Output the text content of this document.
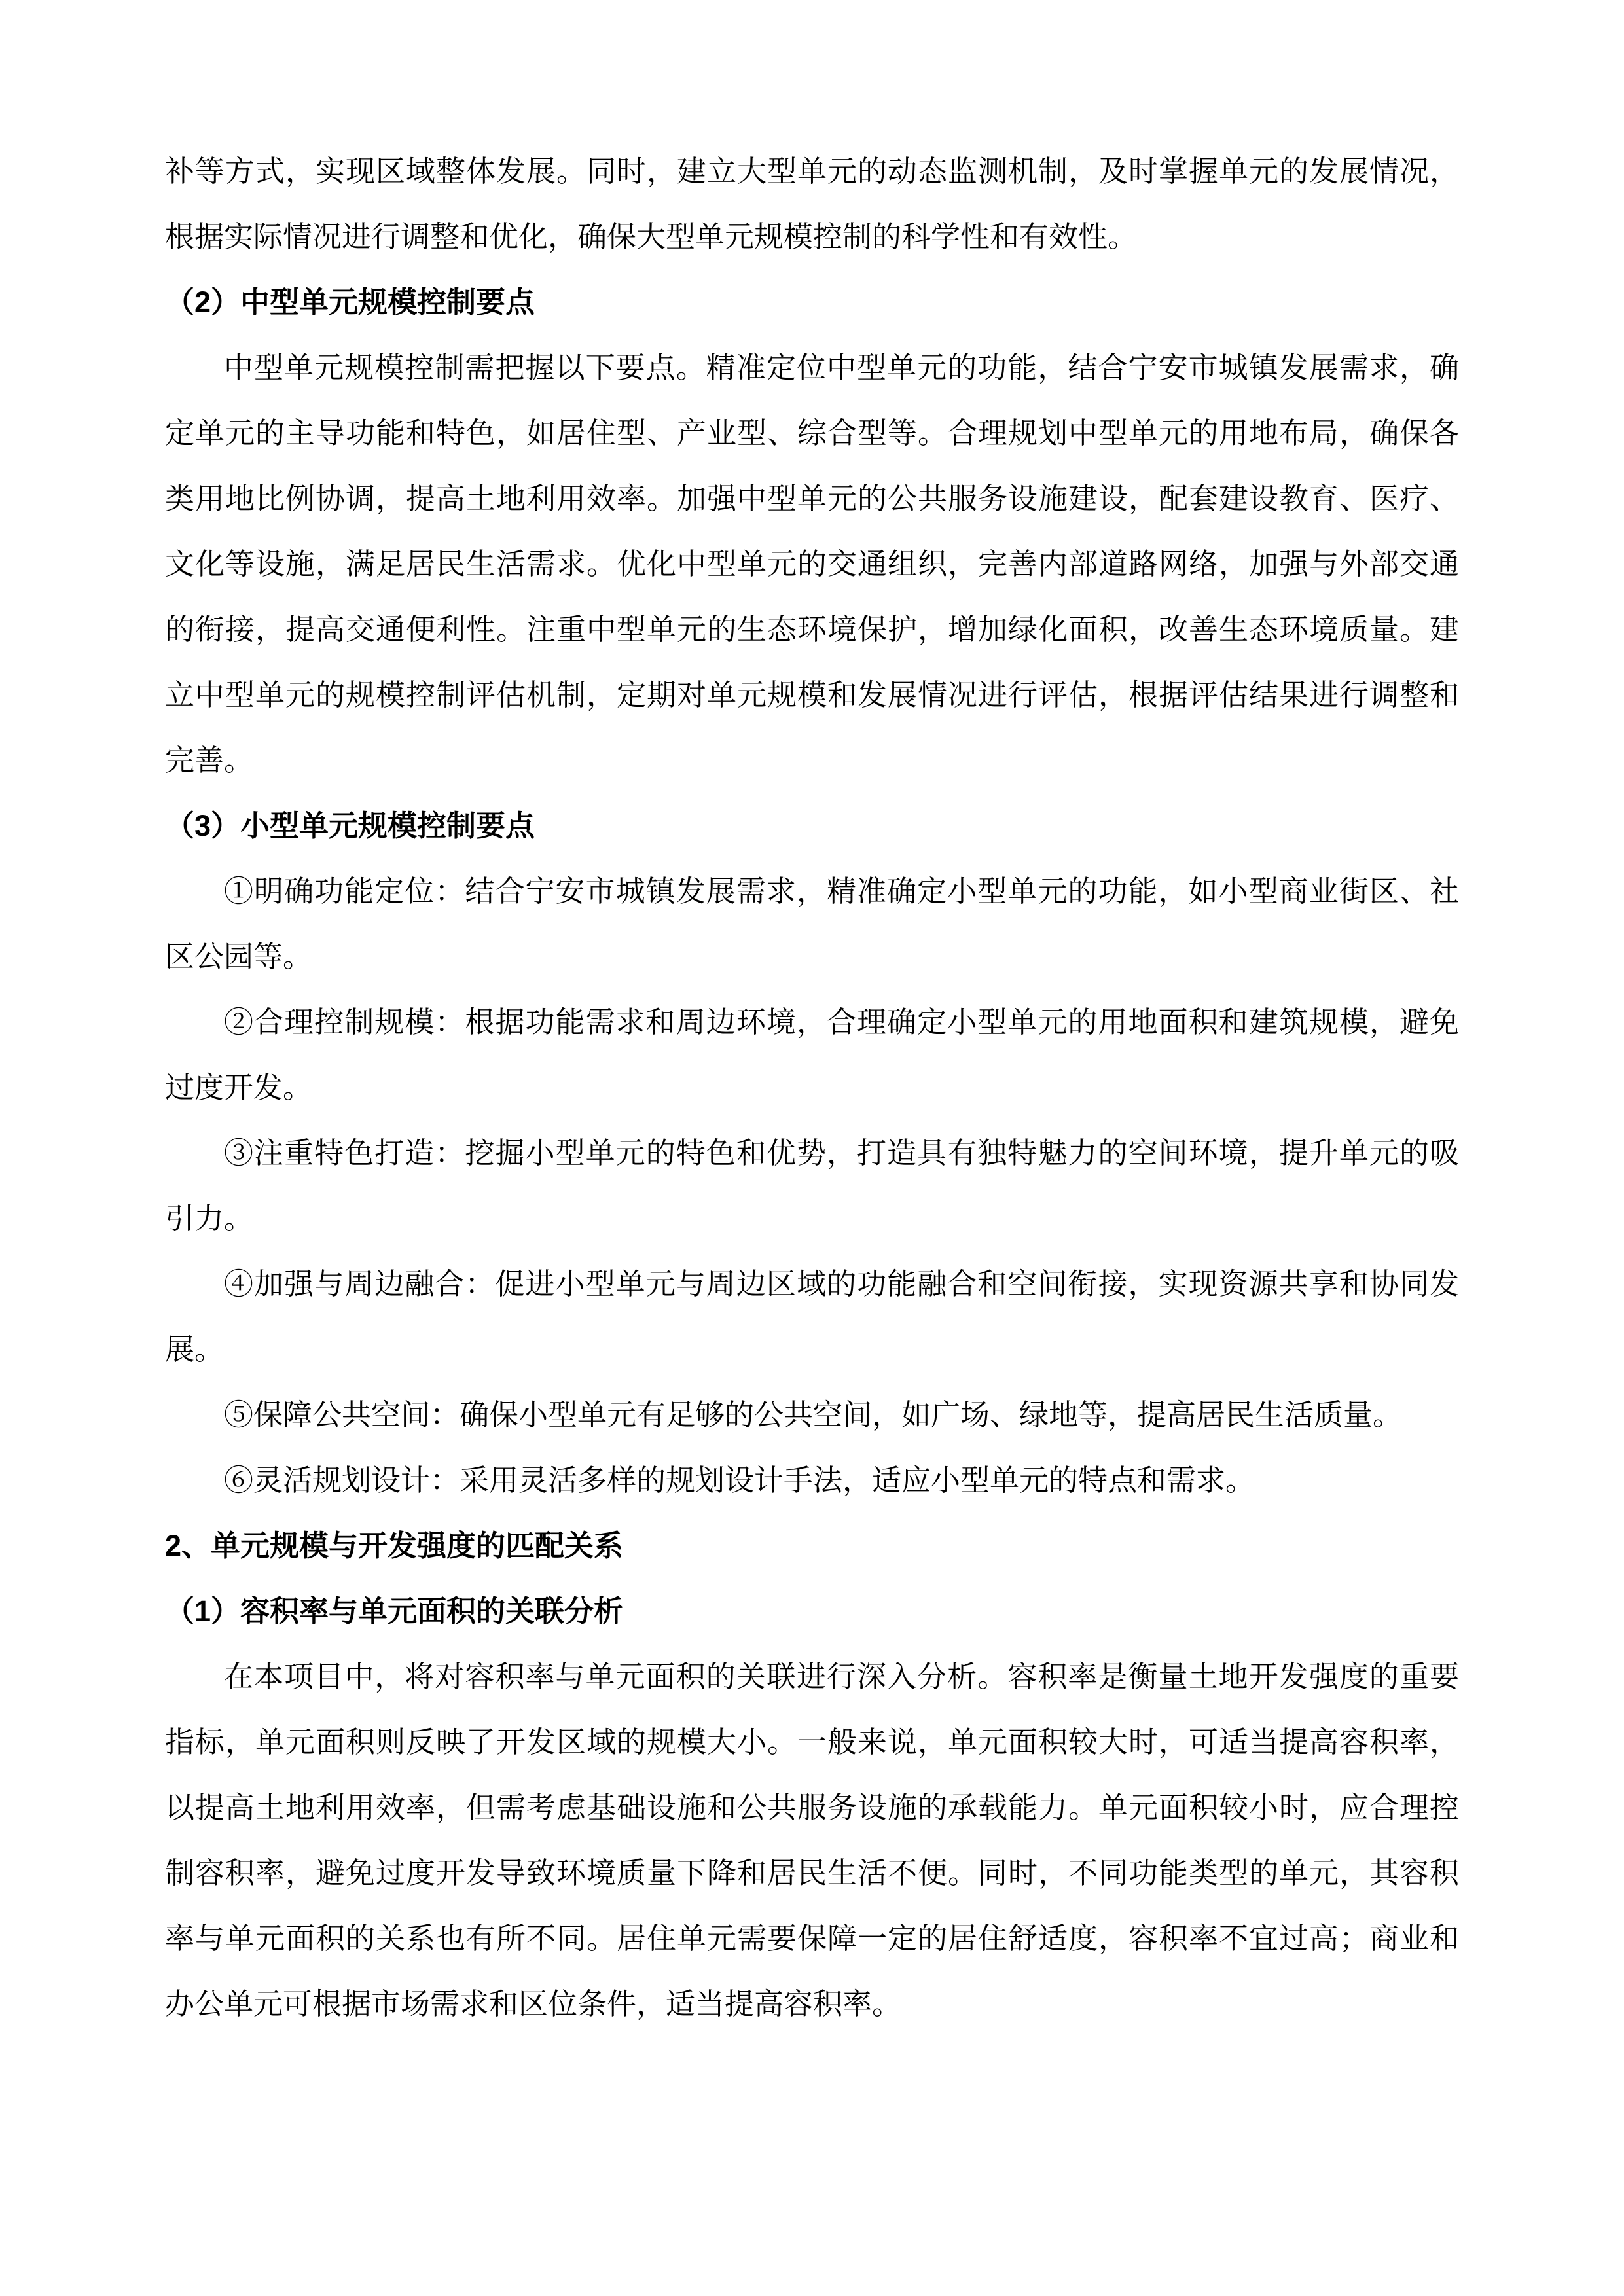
补等方式，实现区域整体发展。同时，建立大型单元的动态监测机制，及时掌握单元的发展情况，根据实际情况进行调整和优化，确保大型单元规模控制的科学性和有效性。

（2）中型单元规模控制要点

中型单元规模控制需把握以下要点。精准定位中型单元的功能，结合宁安市城镇发展需求，确定单元的主导功能和特色，如居住型、产业型、综合型等。合理规划中型单元的用地布局，确保各类用地比例协调，提高土地利用效率。加强中型单元的公共服务设施建设，配套建设教育、医疗、文化等设施，满足居民生活需求。优化中型单元的交通组织，完善内部道路网络，加强与外部交通的衔接，提高交通便利性。注重中型单元的生态环境保护，增加绿化面积，改善生态环境质量。建立中型单元的规模控制评估机制，定期对单元规模和发展情况进行评估，根据评估结果进行调整和完善。

（3）小型单元规模控制要点

①明确功能定位：结合宁安市城镇发展需求，精准确定小型单元的功能，如小型商业街区、社区公园等。

②合理控制规模：根据功能需求和周边环境，合理确定小型单元的用地面积和建筑规模，避免过度开发。

③注重特色打造：挖掘小型单元的特色和优势，打造具有独特魅力的空间环境，提升单元的吸引力。

④加强与周边融合：促进小型单元与周边区域的功能融合和空间衔接，实现资源共享和协同发展。

⑤保障公共空间：确保小型单元有足够的公共空间，如广场、绿地等，提高居民生活质量。

⑥灵活规划设计：采用灵活多样的规划设计手法，适应小型单元的特点和需求。

2、单元规模与开发强度的匹配关系

（1）容积率与单元面积的关联分析

在本项目中，将对容积率与单元面积的关联进行深入分析。容积率是衡量土地开发强度的重要指标，单元面积则反映了开发区域的规模大小。一般来说，单元面积较大时，可适当提高容积率，以提高土地利用效率，但需考虑基础设施和公共服务设施的承载能力。单元面积较小时，应合理控制容积率，避免过度开发导致环境质量下降和居民生活不便。同时，不同功能类型的单元，其容积率与单元面积的关系也有所不同。居住单元需要保障一定的居住舒适度，容积率不宜过高；商业和办公单元可根据市场需求和区位条件，适当提高容积率。
